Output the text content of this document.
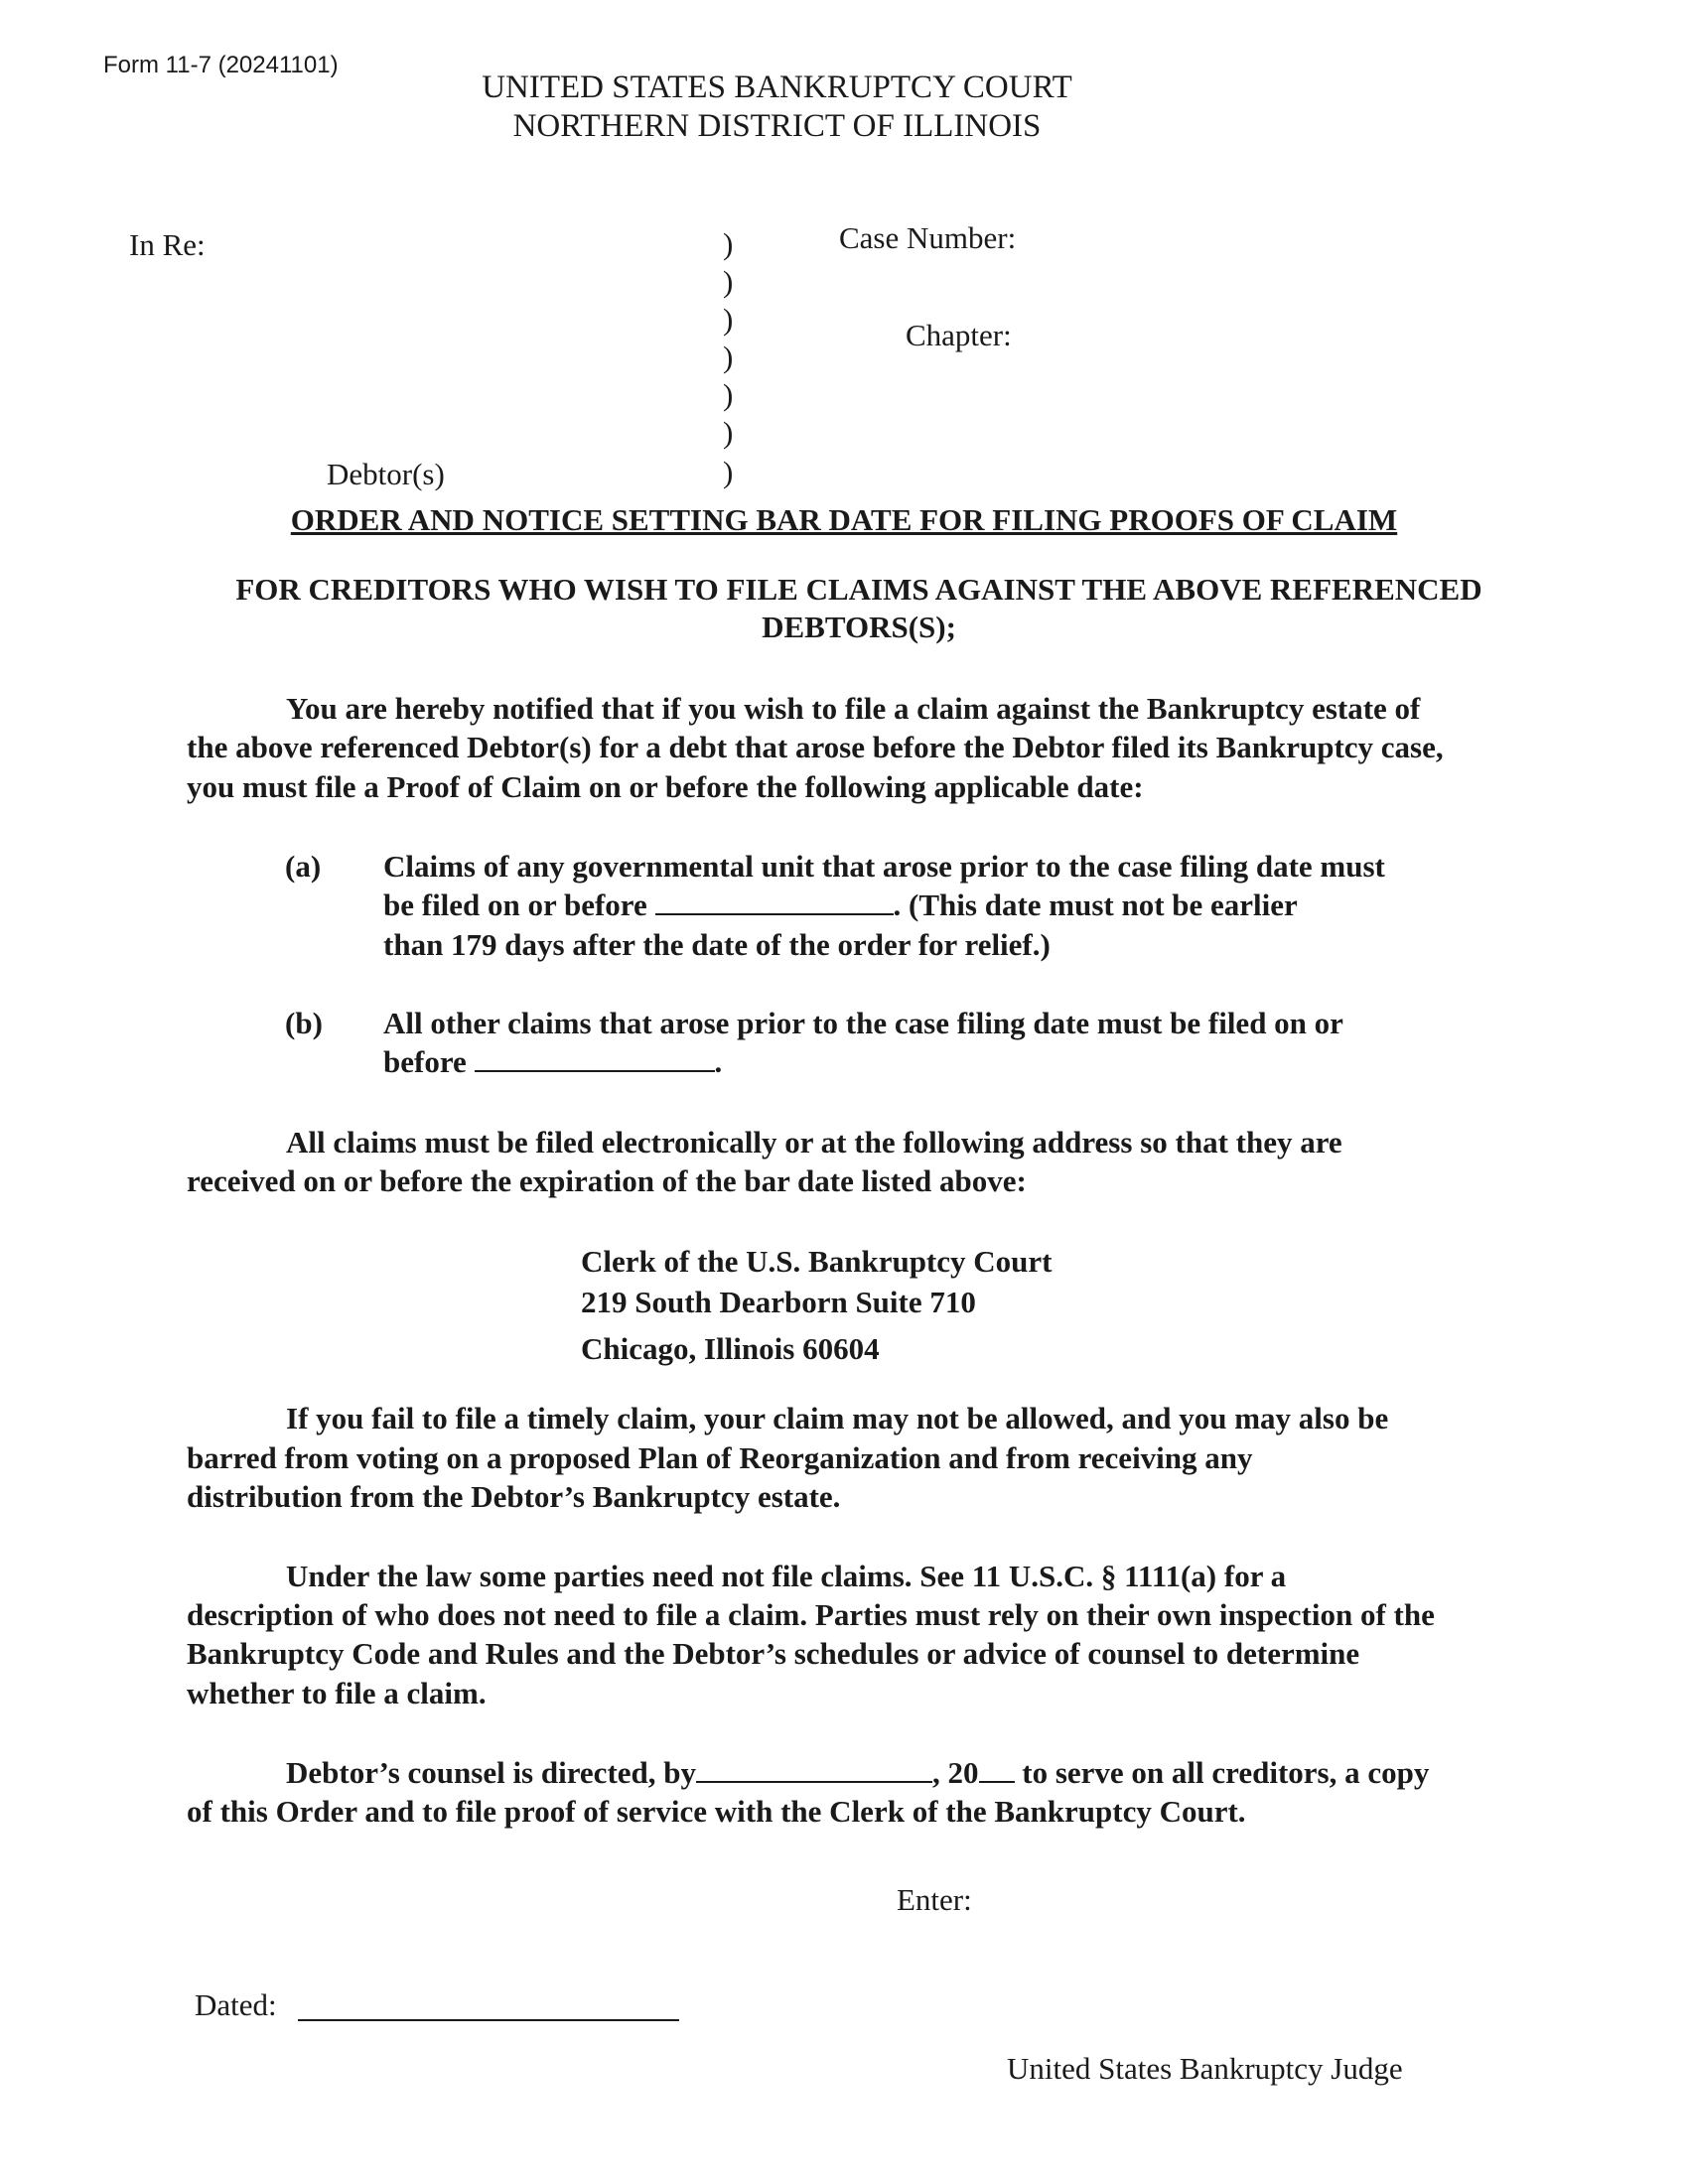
Form 11-7 (20241101)
UNITED STATES BANKRUPTCY COURT
NORTHERN DISTRICT OF ILLINOIS
In Re:	Case Number:
Chapter:
Debtor(s)
)
)
)
)
)
)
)
ORDER AND NOTICE SETTING BAR DATE FOR FILING PROOFS OF CLAIM
FOR CREDITORS WHO WISH TO FILE CLAIMS AGAINST THE ABOVE REFERENCED
DEBTORS(S);
You are hereby notified that if you wish to file a claim against the Bankruptcy estate of
the above referenced Debtor(s) for a debt that arose before the Debtor filed its Bankruptcy case,
you must file a Proof of Claim on or before the following applicable date:
(a) Claims of any governmental unit that arose prior to the case filing date must
be filed on or before	. (This date must not be earlier
than 179 days after the date of the order for relief.)
(b) All other claims that arose prior to the case filing date must be filed on or
before	.
All claims must be filed electronically or at the following address so that they are
received on or before the expiration of the bar date listed above:
Clerk of the U.S. Bankruptcy Court
219 South Dearborn Suite 710
Chicago, Illinois 60604
If you fail to file a timely claim, your claim may not be allowed, and you may also be
barred from voting on a proposed Plan of Reorganization and from receiving any
distribution from the Debtor’s Bankruptcy estate.
Under the law some parties need not file claims. See 11 U.S.C. § 1111(a) for a
description of who does not need to file a claim. Parties must rely on their own inspection of the
Bankruptcy Code and Rules and the Debtor’s schedules or advice of counsel to determine
whether to file a claim.
Debtor’s counsel is directed, by	, 20 to serve on all creditors, a copy
of this Order and to file proof of service with the Clerk of the Bankruptcy Court.
Enter:
Dated:
United States Bankruptcy Judge
